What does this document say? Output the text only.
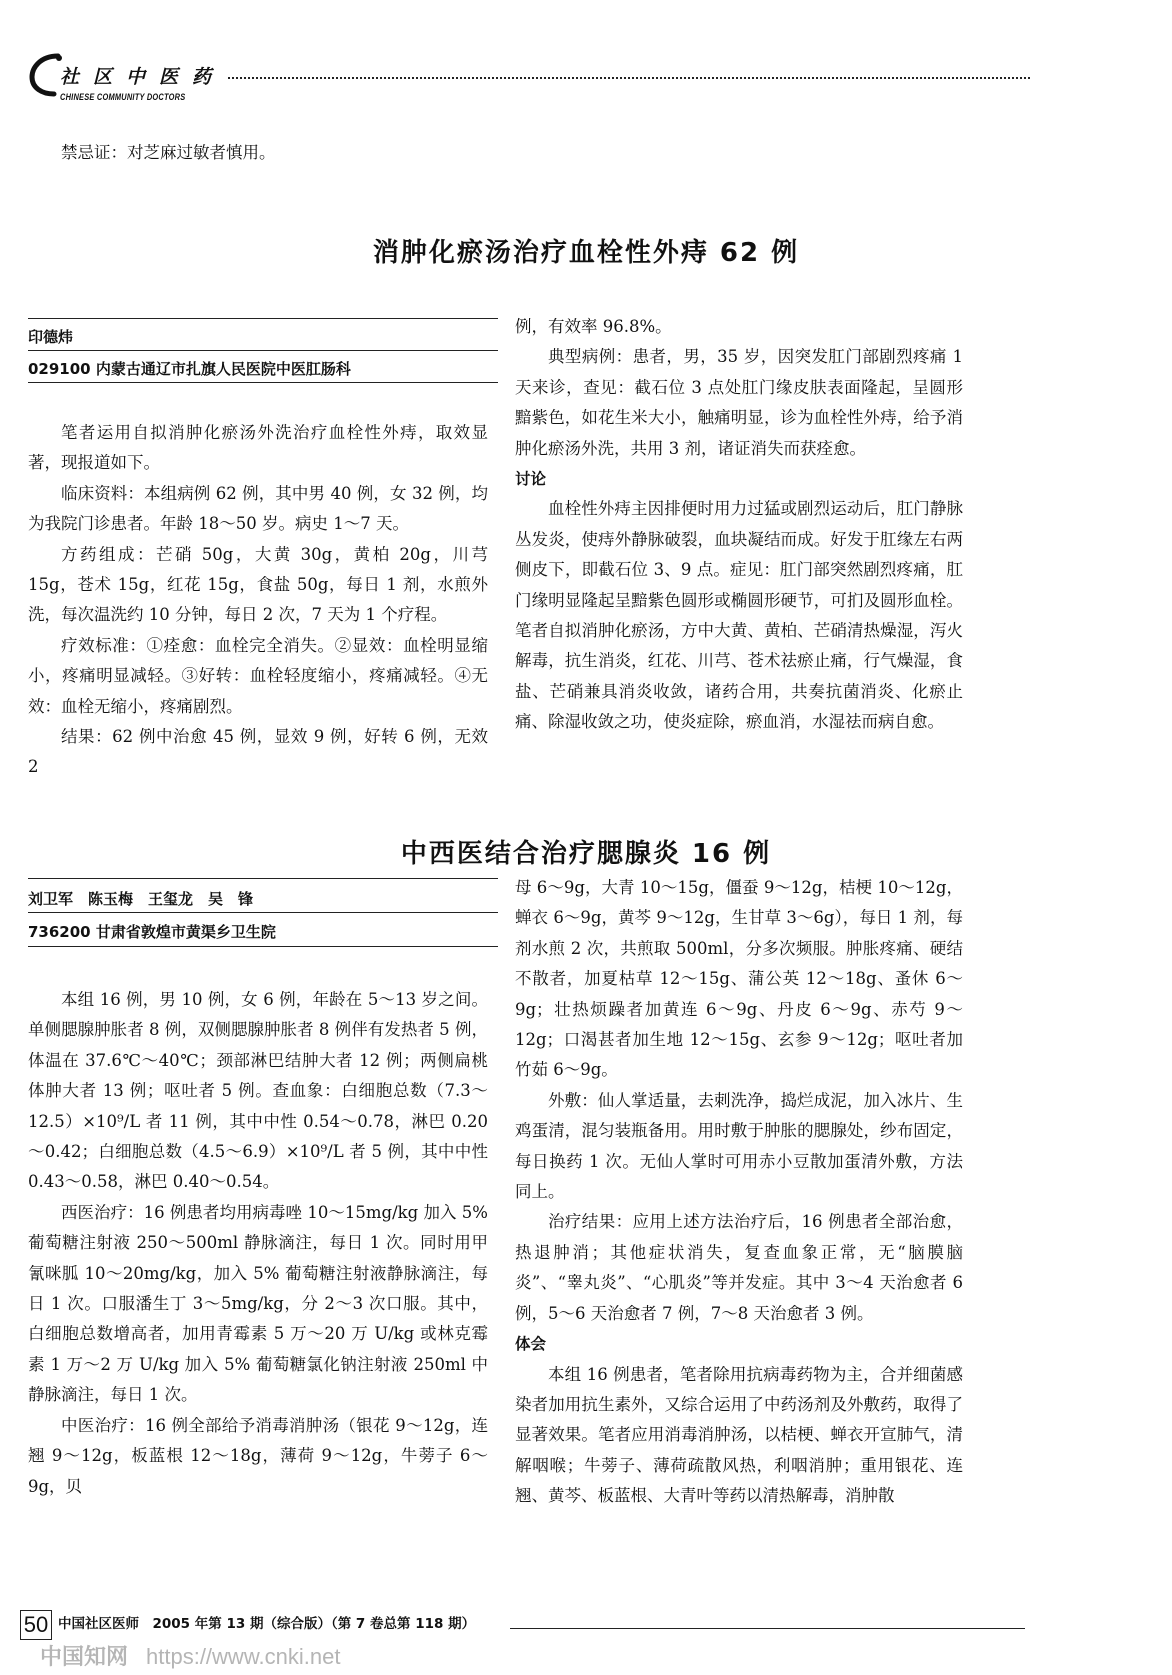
社区中医药
CHINESE COMMUNITY DOCTORS
禁忌证：对芝麻过敏者慎用。
消肿化瘀汤治疗血栓性外痔 62 例
印德炜
029100 内蒙古通辽市扎旗人民医院中医肛肠科

笔者运用自拟消肿化瘀汤外洗治疗血栓性外痔，取效显著，现报道如下。

临床资料：本组病例 62 例，其中男 40 例，女 32 例，均为我院门诊患者。年龄 18～50 岁。病史 1～7 天。

方药组成：芒硝 50g，大黄 30g，黄柏 20g，川芎 15g，苍术 15g，红花 15g，食盐 50g，每日 1 剂，水煎外洗，每次温洗约 10 分钟，每日 2 次，7 天为 1 个疗程。

疗效标准：①痊愈：血栓完全消失。②显效：血栓明显缩小，疼痛明显减轻。③好转：血栓轻度缩小，疼痛减轻。④无效：血栓无缩小，疼痛剧烈。

结果：62 例中治愈 45 例，显效 9 例，好转 6 例，无效 2

例，有效率 96.8%。

典型病例：患者，男，35 岁，因突发肛门部剧烈疼痛 1 天来诊，查见：截石位 3 点处肛门缘皮肤表面隆起，呈圆形黯紫色，如花生米大小，触痛明显，诊为血栓性外痔，给予消肿化瘀汤外洗，共用 3 剂，诸证消失而获痊愈。

讨论

血栓性外痔主因排便时用力过猛或剧烈运动后，肛门静脉丛发炎，使痔外静脉破裂，血块凝结而成。好发于肛缘左右两侧皮下，即截石位 3、9 点。症见：肛门部突然剧烈疼痛，肛门缘明显隆起呈黯紫色圆形或椭圆形硬节，可扪及圆形血栓。笔者自拟消肿化瘀汤，方中大黄、黄柏、芒硝清热燥湿，泻火解毒，抗生消炎，红花、川芎、苍术祛瘀止痛，行气燥湿，食盐、芒硝兼具消炎收敛，诸药合用，共奏抗菌消炎、化瘀止痛、除湿收敛之功，使炎症除，瘀血消，水湿祛而病自愈。

中西医结合治疗腮腺炎 16 例
刘卫军　陈玉梅　王玺龙　吴　锋
736200 甘肃省敦煌市黄渠乡卫生院

本组 16 例，男 10 例，女 6 例，年龄在 5～13 岁之间。单侧腮腺肿胀者 8 例，双侧腮腺肿胀者 8 例伴有发热者 5 例，体温在 37.6℃～40℃；颈部淋巴结肿大者 12 例；两侧扁桃体肿大者 13 例；呕吐者 5 例。查血象：白细胞总数（7.3～12.5）×10⁹/L 者 11 例，其中中性 0.54～0.78，淋巴 0.20～0.42；白细胞总数（4.5～6.9）×10⁹/L 者 5 例，其中中性 0.43～0.58，淋巴 0.40～0.54。

西医治疗：16 例患者均用病毒唑 10～15mg/kg 加入 5% 葡萄糖注射液 250～500ml 静脉滴注，每日 1 次。同时用甲氰咪胍 10～20mg/kg，加入 5% 葡萄糖注射液静脉滴注，每日 1 次。口服潘生丁 3～5mg/kg，分 2～3 次口服。其中，白细胞总数增高者，加用青霉素 5 万～20 万 U/kg 或林克霉素 1 万～2 万 U/kg 加入 5% 葡萄糖氯化钠注射液 250ml 中静脉滴注，每日 1 次。

中医治疗：16 例全部给予消毒消肿汤（银花 9～12g，连翘 9～12g，板蓝根 12～18g，薄荷 9～12g，牛蒡子 6～9g，贝

母 6～9g，大青 10～15g，僵蚕 9～12g，桔梗 10～12g，蝉衣 6～9g，黄芩 9～12g，生甘草 3～6g），每日 1 剂，每剂水煎 2 次，共煎取 500ml，分多次频服。肿胀疼痛、硬结不散者，加夏枯草 12～15g、蒲公英 12～18g、蚤休 6～9g；壮热烦躁者加黄连 6～9g、丹皮 6～9g、赤芍 9～12g；口渴甚者加生地 12～15g、玄参 9～12g；呕吐者加竹茹 6～9g。

外敷：仙人掌适量，去刺洗净，捣烂成泥，加入冰片、生鸡蛋清，混匀装瓶备用。用时敷于肿胀的腮腺处，纱布固定，每日换药 1 次。无仙人掌时可用赤小豆散加蛋清外敷，方法同上。

治疗结果：应用上述方法治疗后，16 例患者全部治愈，热退肿消；其他症状消失，复查血象正常，无“脑膜脑炎”、“睾丸炎”、“心肌炎”等并发症。其中 3～4 天治愈者 6 例，5～6 天治愈者 7 例，7～8 天治愈者 3 例。

体会

本组 16 例患者，笔者除用抗病毒药物为主，合并细菌感染者加用抗生素外，又综合运用了中药汤剂及外敷药，取得了显著效果。笔者应用消毒消肿汤，以桔梗、蝉衣开宣肺气，清解咽喉；牛蒡子、薄荷疏散风热，利咽消肿；重用银花、连翘、黄芩、板蓝根、大青叶等药以清热解毒，消肿散

50 中国社区医师　2005 年第 13 期（综合版）（第 7 卷总第 118 期）
中国知网 https://www.cnki.net
